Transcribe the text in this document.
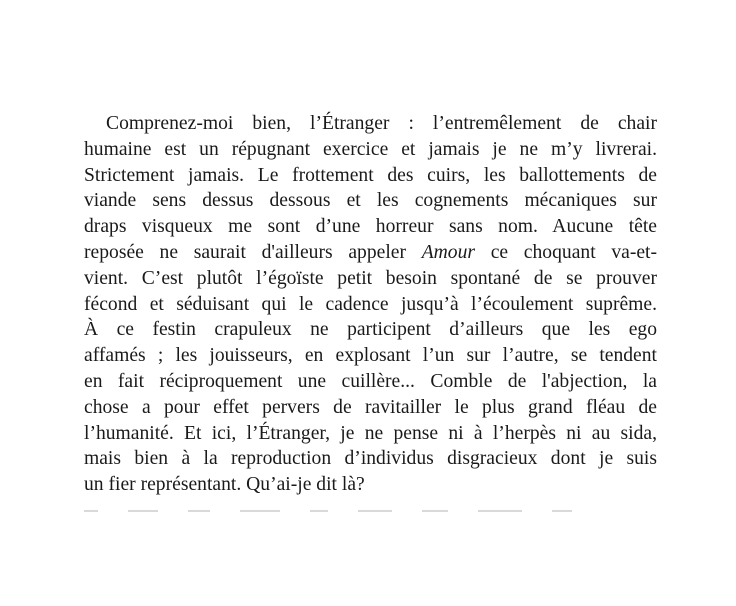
Comprenez-moi bien, l’Étranger : l’entremêlement de chair
humaine est un répugnant exercice et jamais je ne m’y livrerai.
Strictement jamais. Le frottement des cuirs, les ballottements de
viande sens dessus dessous et les cognements mécaniques sur
draps visqueux me sont d’une horreur sans nom. Aucune tête
reposée ne saurait d'ailleurs appeler Amour ce choquant va-et-
vient. C’est plutôt l’égoïste petit besoin spontané de se prouver
fécond et séduisant qui le cadence jusqu’à l’écoulement suprême.
À ce festin crapuleux ne participent d’ailleurs que les ego
affamés ; les jouisseurs, en explosant l’un sur l’autre, se tendent
en fait réciproquement une cuillère... Comble de l'abjection, la
chose a pour effet pervers de ravitailler le plus grand fléau de
l’humanité. Et ici, l’Étranger, je ne pense ni à l’herpès ni au sida,
mais bien à la reproduction d’individus disgracieux dont je suis
un fier représentant. Qu’ai-je dit là?
